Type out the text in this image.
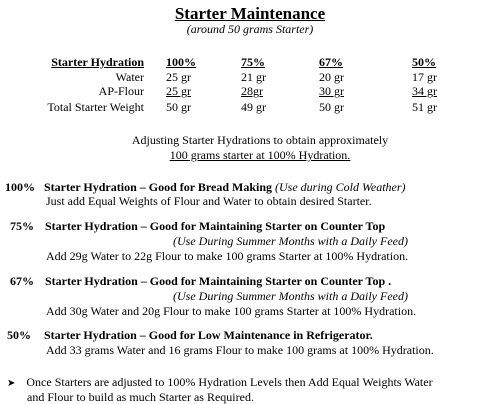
Starter Maintenance
(around 50 grams Starter)
Starter Hydration 100%	75%	67%	50%
Water 25 gr	21 gr	20 gr	17 gr
AP-Flour 25 gr	28gr	30 gr	34 gr
Total Starter Weight 50 gr	49 gr	50 gr	51 gr
Adjusting Starter Hydrations to obtain approximately
100 grams starter at 100% Hydration.
100% Starter Hydration – Good for Bread Making (Use during Cold Weather)
Just add Equal Weights of Flour and Water to obtain desired Starter.
75% Starter Hydration – Good for Maintaining Starter on Counter Top
(Use During Summer Months with a Daily Feed)
Add 29g Water to 22g Flour to make 100 grams Starter at 100% Hydration.
67% Starter Hydration – Good for Maintaining Starter on Counter Top .
(Use During Summer Months with a Daily Feed)
Add 30g Water and 20g Flour to make 100 grams Starter at 100% Hydration.
50% Starter Hydration – Good for Low Maintenance in Refrigerator.
Add 33 grams Water and 16 grams Flour to make 100 grams at 100% Hydration.
➤ Once Starters are adjusted to 100% Hydration Levels then Add Equal Weights Water
and Flour to build as much Starter as Required.
